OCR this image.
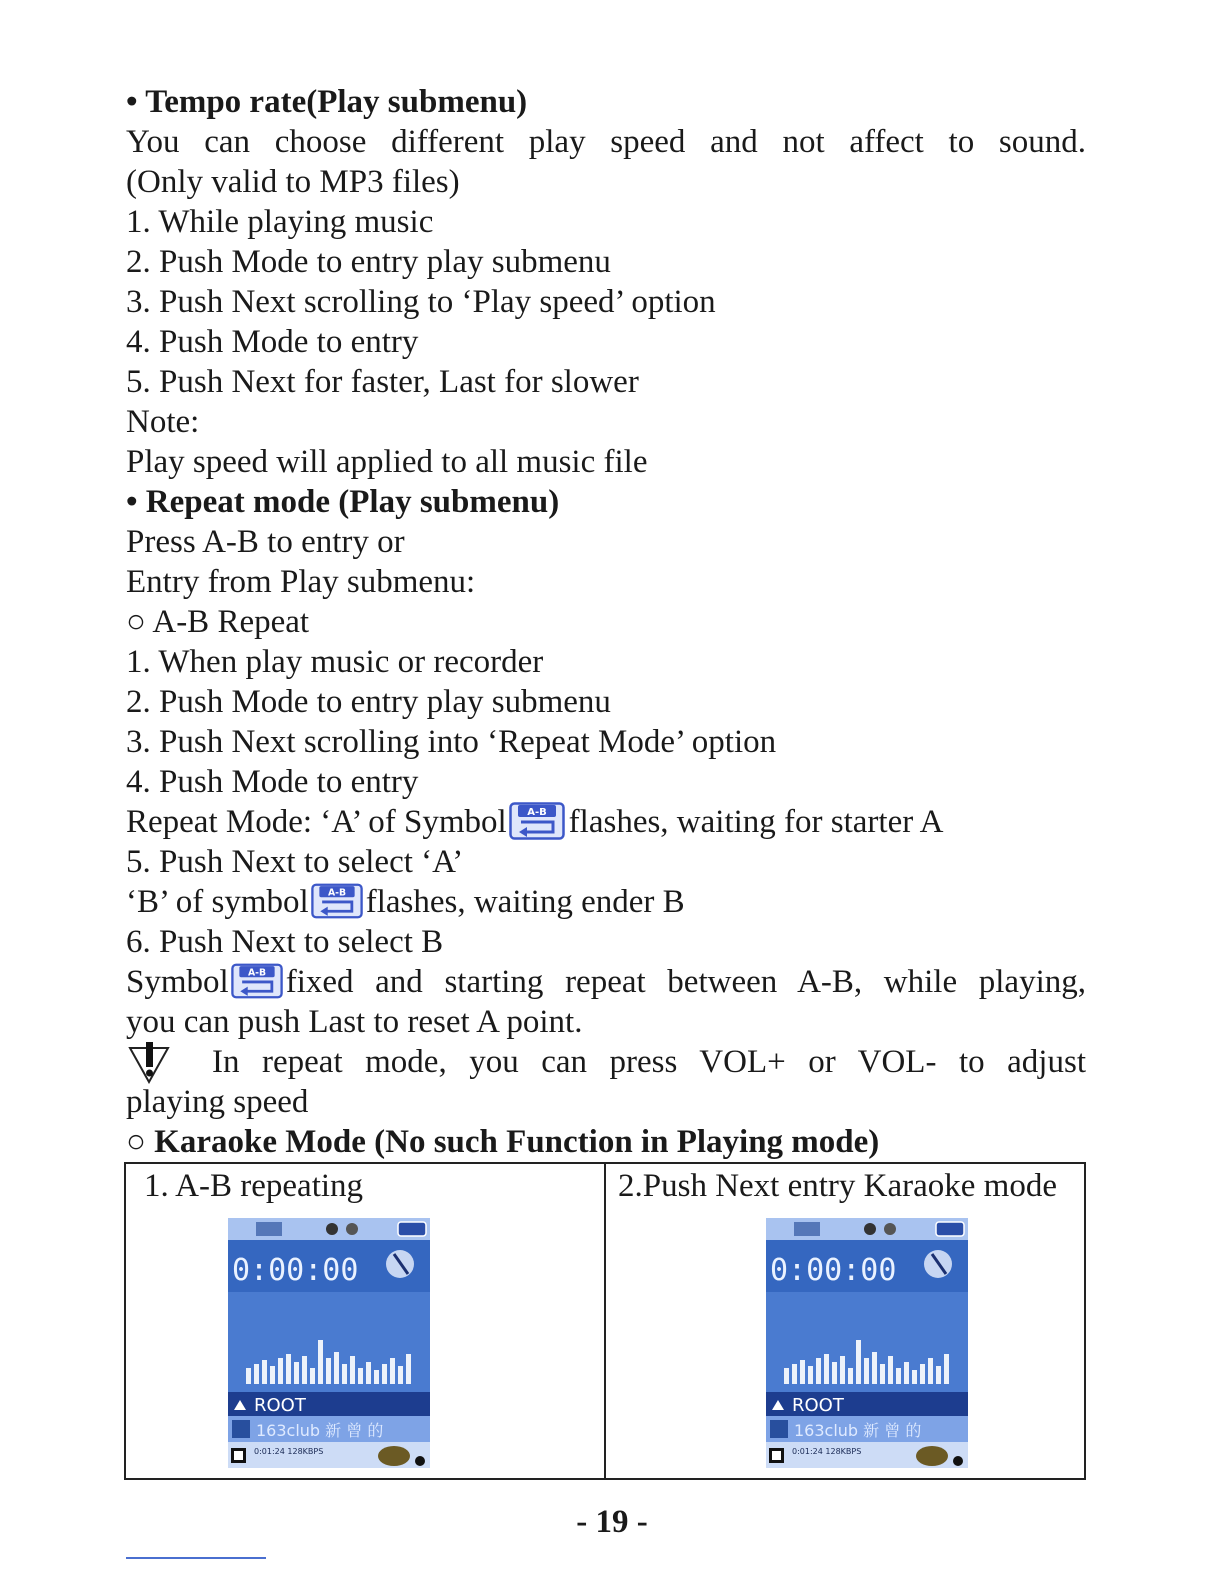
• Tempo rate(Play submenu)
You can choose different play speed and not affect to sound.
(Only valid to MP3 files)
1. While playing music
2. Push Mode to entry play submenu
3. Push Next scrolling to ‘Play speed’ option
4. Push Mode to entry
5. Push Next for faster, Last for slower
Note:
Play speed will applied to all music file
• Repeat mode (Play submenu)
Press A-B to entry or
Entry from Play submenu:
○ A-B Repeat
1. When play music or recorder
2. Push Mode to entry play submenu
3. Push Next scrolling into ‘Repeat Mode’ option
4. Push Mode to entry
Repeat Mode: ‘A’ of Symbol A-B flashes, waiting for starter A
5. Push Next to select ‘A’
‘B’ of symbol A-B flashes, waiting ender B
6. Push Next to select B
Symbol A-B fixed and starting repeat between A-B, while playing,
you can push Last to reset A point.
In repeat mode, you can press VOL+ or VOL- to adjust
playing speed
○ Karaoke Mode (No such Function in Playing mode)
1. A-B repeating
0:00:00
ROOT
163club 新 曾 的
0:01:24 128KBPS

2.Push Next entry Karaoke mode
0:00:00
ROOT
163club 新 曾 的
0:01:24 128KBPS
- 19 -
